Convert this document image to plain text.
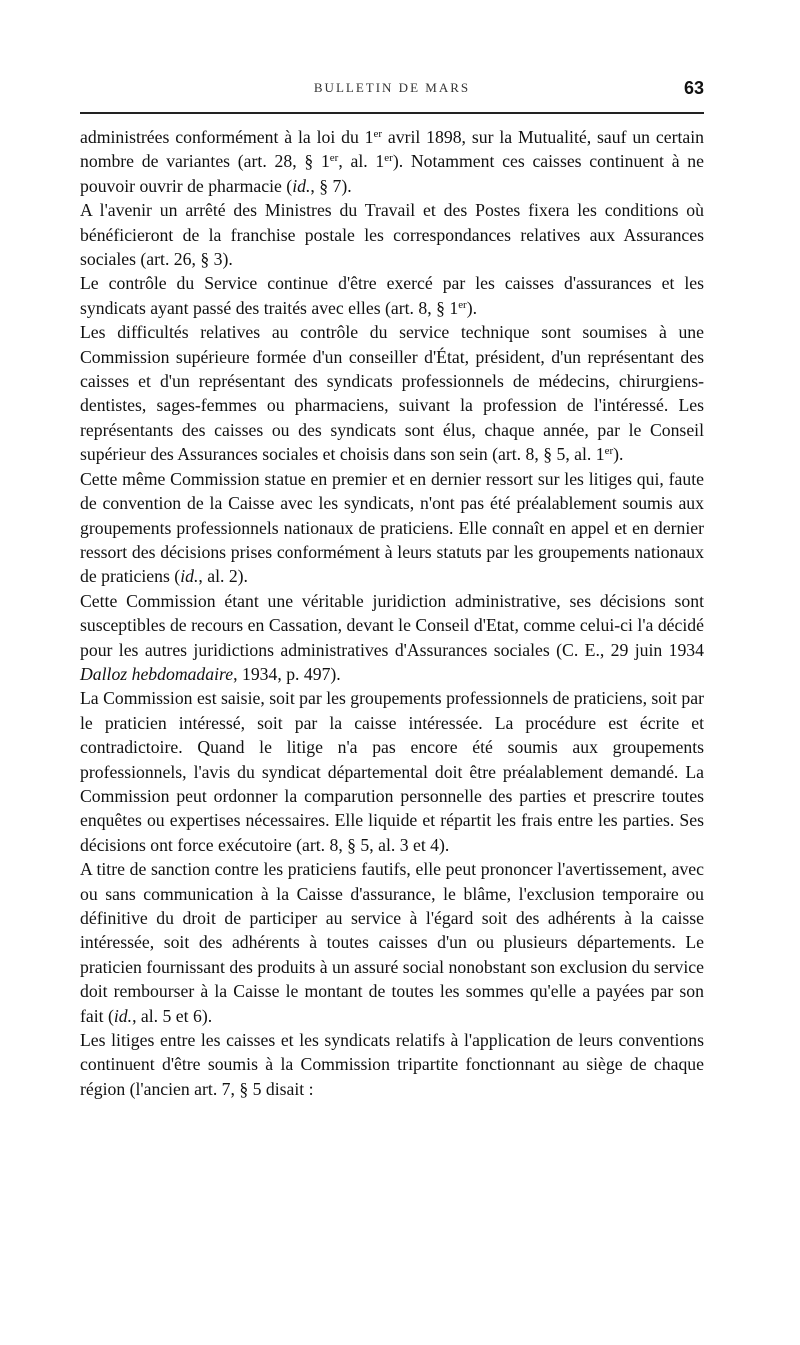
BULLETIN DE MARS	63

administrées conformément à la loi du 1er avril 1898, sur la Mutualité, sauf un certain nombre de variantes (art. 28, § 1er, al. 1er). Notamment ces caisses continuent à ne pouvoir ouvrir de pharmacie (id., § 7).

A l'avenir un arrêté des Ministres du Travail et des Postes fixera les conditions où bénéficieront de la franchise postale les correspondances relatives aux Assurances sociales (art. 26, § 3).

Le contrôle du Service continue d'être exercé par les caisses d'assurances et les syndicats ayant passé des traités avec elles (art. 8, § 1er).

Les difficultés relatives au contrôle du service technique sont soumises à une Commission supérieure formée d'un conseiller d'État, président, d'un représentant des caisses et d'un représentant des syndicats professionnels de médecins, chirurgiens-dentistes, sages-femmes ou pharmaciens, suivant la profession de l'intéressé. Les représentants des caisses ou des syndicats sont élus, chaque année, par le Conseil supérieur des Assurances sociales et choisis dans son sein (art. 8, § 5, al. 1er).

Cette même Commission statue en premier et en dernier ressort sur les litiges qui, faute de convention de la Caisse avec les syndicats, n'ont pas été préalablement soumis aux groupements professionnels nationaux de praticiens. Elle connaît en appel et en dernier ressort des décisions prises conformément à leurs statuts par les groupements nationaux de praticiens (id., al. 2).

Cette Commission étant une véritable juridiction administrative, ses décisions sont susceptibles de recours en Cassation, devant le Conseil d'Etat, comme celui-ci l'a décidé pour les autres juridictions administratives d'Assurances sociales (C. E., 29 juin 1934 Dalloz hebdomadaire, 1934, p. 497).

La Commission est saisie, soit par les groupements professionnels de praticiens, soit par le praticien intéressé, soit par la caisse intéressée. La procédure est écrite et contradictoire. Quand le litige n'a pas encore été soumis aux groupements professionnels, l'avis du syndicat départemental doit être préalablement demandé. La Commission peut ordonner la comparution personnelle des parties et prescrire toutes enquêtes ou expertises nécessaires. Elle liquide et répartit les frais entre les parties. Ses décisions ont force exécutoire (art. 8, § 5, al. 3 et 4).

A titre de sanction contre les praticiens fautifs, elle peut prononcer l'avertissement, avec ou sans communication à la Caisse d'assurance, le blâme, l'exclusion temporaire ou définitive du droit de participer au service à l'égard soit des adhérents à la caisse intéressée, soit des adhérents à toutes caisses d'un ou plusieurs départements. Le praticien fournissant des produits à un assuré social nonobstant son exclusion du service doit rembourser à la Caisse le montant de toutes les sommes qu'elle a payées par son fait (id., al. 5 et 6).

Les litiges entre les caisses et les syndicats relatifs à l'application de leurs conventions continuent d'être soumis à la Commission tripartite fonctionnant au siège de chaque région (l'ancien art. 7, § 5 disait :
